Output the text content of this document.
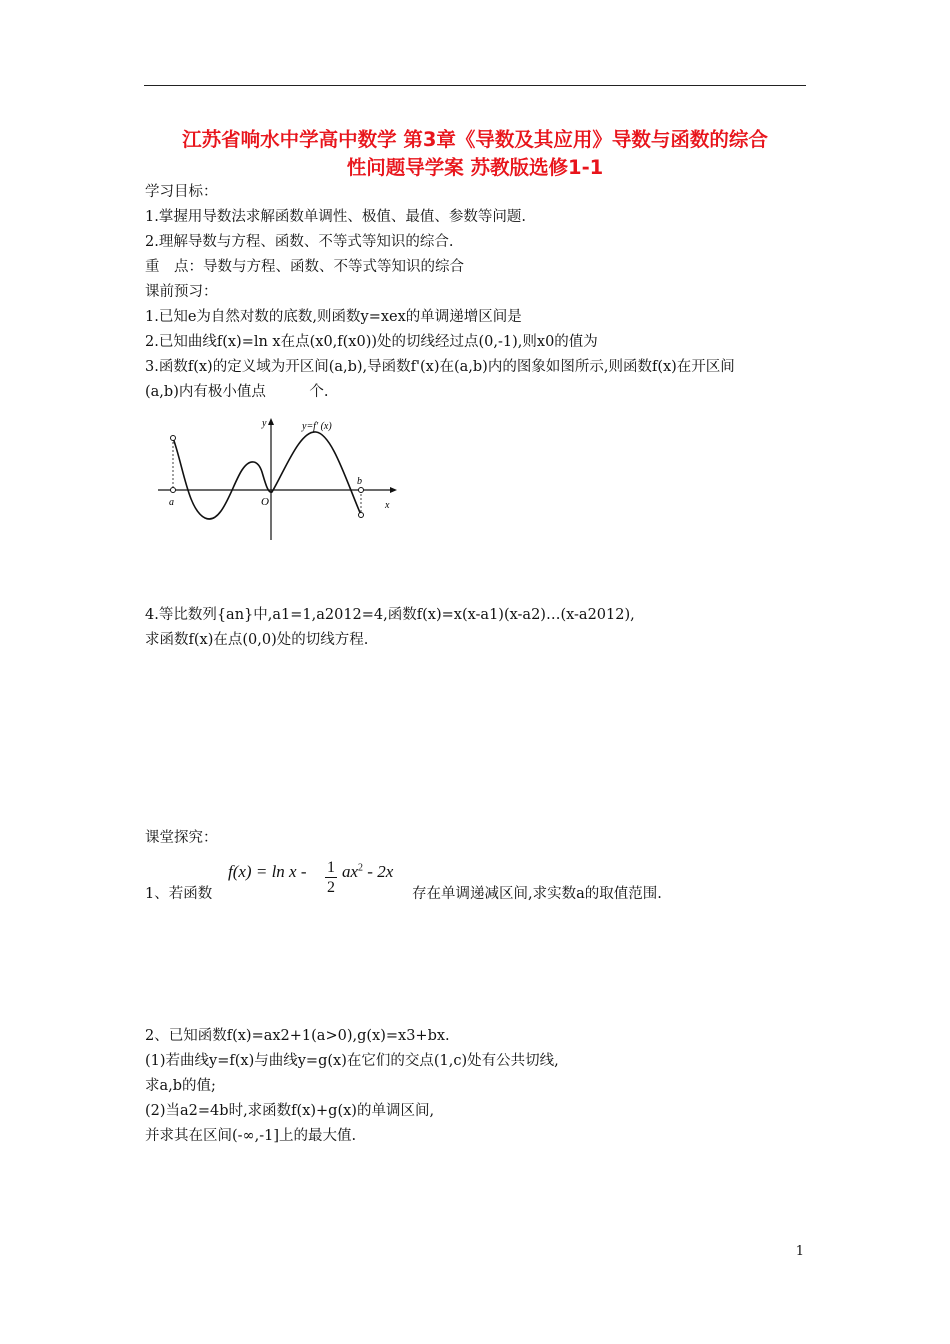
江苏省响水中学高中数学 第3章《导数及其应用》导数与函数的综合
性问题导学案 苏教版选修1-1
学习目标：
1.掌握用导数法求解函数单调性、极值、最值、参数等问题.
2.理解导数与方程、函数、不等式等知识的综合.
重　点：导数与方程、函数、不等式等知识的综合
课前预习：
1.已知e为自然对数的底数,则函数y=xex的单调递增区间是
2.已知曲线f(x)=ln x在点(x0,f(x0))处的切线经过点(0,-1),则x0的值为
3.函数f(x)的定义域为开区间(a,b),导函数f'(x)在(a,b)内的图象如图所示,则函数f(x)在开区间
(a,b)内有极小值点　　　个.
y	y=f' (x)
O
a
b
x
4.等比数列{an}中,a1=1,a2012=4,函数f(x)=x(x-a1)(x-a2)…(x-a2012),
求函数f(x)在点(0,0)处的切线方程.
课堂探究：
1、若函数
f(x) = ln x - 1
2
$ax^2 - 2x$
存在单调递减区间,求实数a的取值范围.
2、已知函数f(x)=ax2+1(a>0),g(x)=x3+bx.
(1)若曲线y=f(x)与曲线y=g(x)在它们的交点(1,c)处有公共切线,
求a,b的值;
(2)当a2=4b时,求函数f(x)+g(x)的单调区间,
并求其在区间(-∞,-1]上的最大值.
1
